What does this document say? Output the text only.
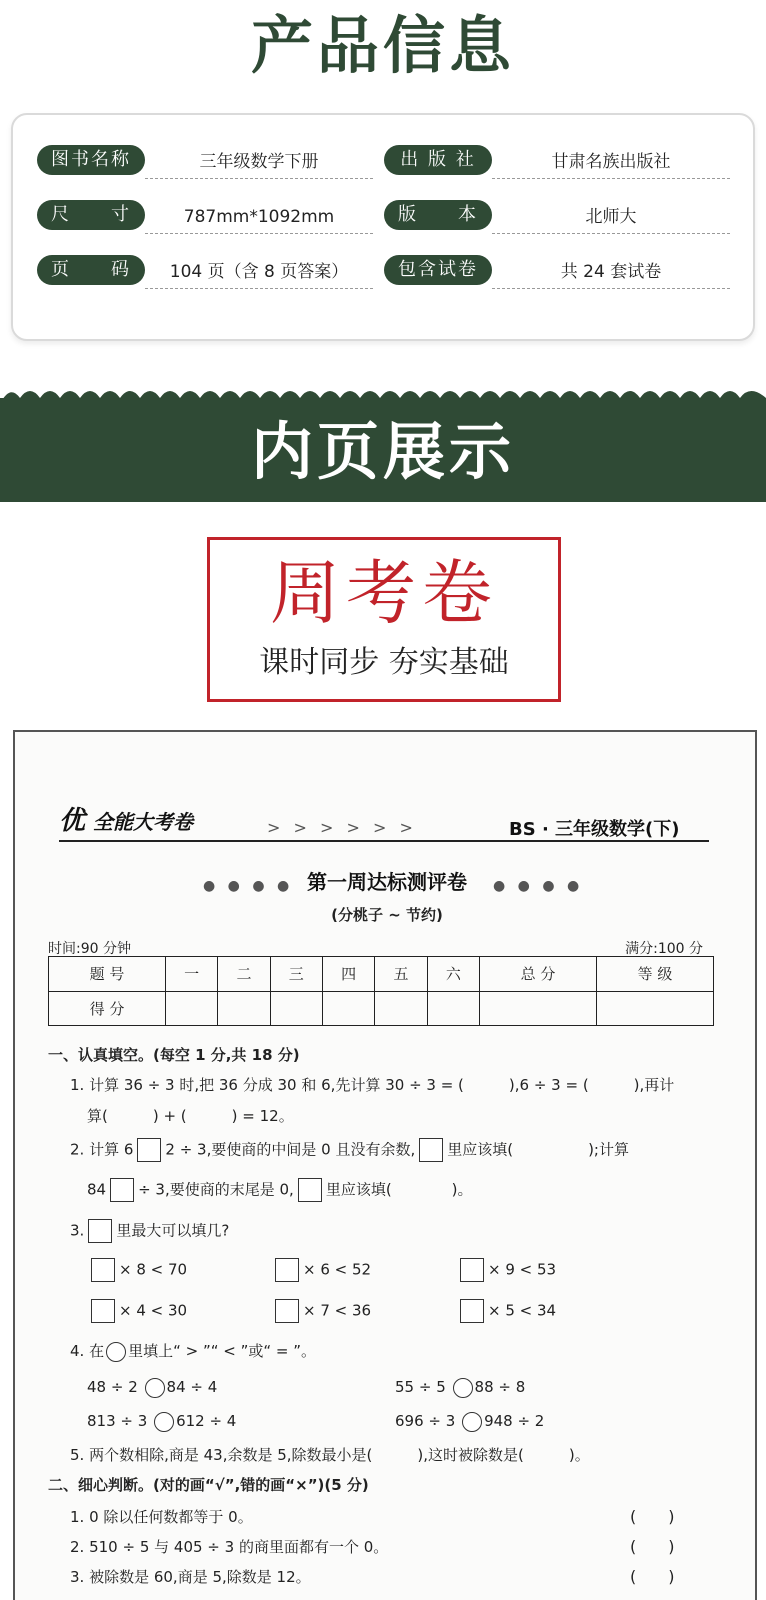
产品信息
图书名称	三年级数学下册	出 版 社	甘肃名族出版社
尺　　寸	787mm*1092mm	版　　本	北师大
页　　码	104 页（含 8 页答案）	包含试卷	共 24 套试卷
内页展示
周考卷
课时同步 夯实基础
优 全能大考卷	> > > > > >	BS · 三年级数学(下)
● ● ● ● 第一周达标测评卷	● ● ● ●
(分桃子 ~ 节约)
时间:90 分钟	满分:100 分
题 号	一	二	三	四	五	六	总 分	等 级
得 分								
一、认真填空。(每空 1 分,共 18 分)
1. 计算 36 ÷ 3 时,把 36 分成 30 和 6,先计算 30 ÷ 3 = (　　　),6 ÷ 3 = (　　　),再计
算(　　　) + (　　　) = 12。
2. 计算 6 2 ÷ 3,要使商的中间是 0 且没有余数, 里应该填(　　　　　);计算
84 ÷ 3,要使商的末尾是 0, 里应该填(　　　　)。
3. 里最大可以填几?
× 8 < 70	× 6 < 52	× 9 < 53
× 4 < 30	× 7 < 36	× 5 < 34
4. 在 里填上“ > ”“ < ”或“ = ”。
48 ÷ 2 84 ÷ 4	55 ÷ 5 88 ÷ 8
813 ÷ 3 612 ÷ 4	696 ÷ 3 948 ÷ 2
5. 两个数相除,商是 43,余数是 5,除数最小是(　　　),这时被除数是(　　　)。
二、细心判断。(对的画“√”,错的画“×”)(5 分)
1. 0 除以任何数都等于 0。	(　　)
2. 510 ÷ 5 与 405 ÷ 3 的商里面都有一个 0。	(　　)
3. 被除数是 60,商是 5,除数是 12。	(　　)
